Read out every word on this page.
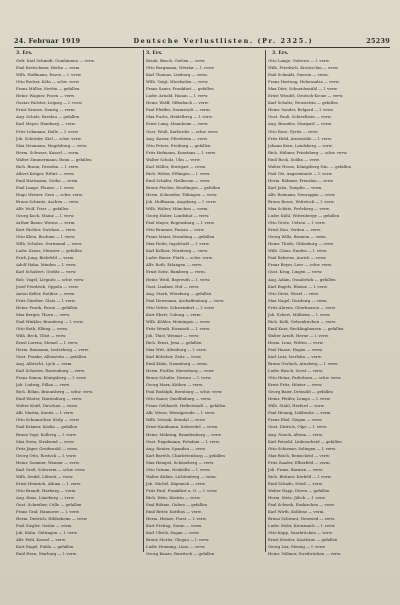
24. Februar 1919	Deutsche Verlustlisten. (Pr. 2325.)	25239
3. Ers.
Gefr. Karl Schmidt, Gumbinnen — verw.
Paul Kretschmer, Berlin — verm.
Wilh. Hoffmann, Essen — l. verw.
Otto Becker, Köln — schw. verw.
Franz Müller, Stettin — gefallen
Heinr. Wagner, Posen — verw.
Gustav Richter, Leipzig — l. verw.
Ernst Krause, Danzig — verm.
Aug. Schulz, Breslau — gefallen
Karl Meyer, Hamburg — verw.
Fritz Lehmann, Halle — l. verw.
Joh. Schröder, Kiel — schw. verw.
Max Neumann, Magdeburg — verw.
Herm. Schwarz, Kassel — verm.
Walter Zimmermann, Bonn — gefallen
Rich. Braun, Dresden — l. verw.
Albert Krüger, Erfurt — verw.
Emil Hartmann, Gotha — verm.
Paul Lange, Plauen — l. verw.
Hugo Werner, Gera — schw. verw.
Bruno Schmitz, Aachen — verw.
Alfr. Wolf, Trier — gefallen
Georg Koch, Mainz — l. verw.
Arthur Bauer, Worms — verm.
Kurt Richter, Zwickau — verw.
Otto Klein, Bochum — l. verw.
Wilh. Schulze, Dortmund — verw.
Ludw. Kraus, Münster — gefallen
Erich Jung, Bielefeld — verm.
Adolf Hahn, Minden — l. verw.
Karl Schubert, Görlitz — verw.
Rob. Vogel, Liegnitz — schw. verw.
Josef Friedrich, Oppeln — verw.
Anton Keller, Ratibor — verm.
Fritz Günther, Glatz — l. verw.
Heinr. Frank, Posen — gefallen
Max Berger, Thorn — verw.
Paul Winkler, Bromberg — l. verw.
Otto Roth, Elbing — verm.
Wilh. Beck, Tilsit — verw.
Ernst Lorenz, Memel — l. verw.
Herm. Baumann, Insterburg — verw.
Gust. Franke, Allenstein — gefallen
Aug. Albrecht, Lyck — verm.
Karl Schuster, Rastenburg — verw.
Franz Simon, Königsberg — l. verw.
Joh. Ludwig, Pillau — verw.
Rich. Böhm, Braunsberg — schw. verw.
Emil Winter, Marienburg — verw.
Walter Kraft, Dirschau — verm.
Alb. Martin, Konitz — l. verw.
Otto Schumacher, Stolp — verw.
Paul Krämer, Köslin — gefallen
Bruno Vogt, Kolberg — l. verw.
Max Stein, Stralsund — verw.
Fritz Jäger, Greifswald — verm.
Georg Otto, Rostock — l. verw.
Heinr. Sommer, Wismar — verw.
Karl Groß, Schwerin — schw. verw.
Wilh. Seidel, Lübeck — verw.
Ernst Heinrich, Altona — l. verw.
Otto Brandt, Harburg — verm.
Aug. Haas, Lüneburg — verw.
Gust. Schreiber, Celle — gefallen
Franz Graf, Hannover — l. verw.
Herm. Dietrich, Hildesheim — verw.
Paul Ziegler, Goslar — verm.
Joh. Kuhn, Göttingen — l. verw.
Alfr. Pohl, Kassel — verw.
Kurt Engel, Fulda — gefallen
Emil Horn, Marburg — l. verw.
3. Ers.
Reinh. Busch, Gießen — verw.
Otto Bergmann, Wetzlar — l. verw.
Karl Thomas, Limburg — verm.
Wilh. Voigt, Wiesbaden — verw.
Franz Sauer, Frankfurt — gefallen
Ludw. Arnold, Hanau — l. verw.
Heinr. Wolff, Offenbach — verw.
Paul Pfeiffer, Darmstadt — verm.
Max Fuchs, Heidelberg — l. verw.
Ernst Lang, Mannheim — verw.
Gust. Weiß, Karlsruhe — schw. verw.
Aug. Kaiser, Pforzheim — verw.
Otto Peters, Freiburg — gefallen
Fritz Hofmann, Konstanz — l. verw.
Walter Scholz, Ulm — verw.
Karl Möller, Stuttgart — verm.
Rich. Weber, Eßlingen — l. verw.
Emil Schäfer, Heilbronn — verw.
Bruno Fischer, Reutlingen — gefallen
Herm. Schneider, Tübingen — verw.
Joh. Hoffmann, Augsburg — l. verw.
Wilh. Walter, München — verm.
Georg Huber, Landshut — verw.
Paul Mayer, Regensburg — l. verw.
Otto Brunner, Passau — verw.
Franz Maier, Straubing — gefallen
Max Hofer, Ingolstadt — l. verw.
Karl Kellner, Nürnberg — verw.
Ludw. Bauer, Fürth — schw. verw.
Alfr. Roth, Erlangen — verw.
Ernst Seitz, Bamberg — verm.
Heinr. Weiß, Bayreuth — l. verw.
Gust. Lindner, Hof — verw.
Aug. Stark, Würzburg — gefallen
Paul Herrmann, Aschaffenburg — verw.
Otto Vetter, Schweinfurt — l. verw.
Kurt Ebert, Coburg — verm.
Wilh. Köhler, Meiningen — verw.
Fritz Wendt, Eisenach — l. verw.
Joh. Thiel, Weimar — verw.
Rich. Ernst, Jena — gefallen
Max Witt, Altenburg — l. verw.
Karl Böttcher, Zeitz — verw.
Emil Kühn, Naumburg — verm.
Herm. Fiedler, Merseburg — verw.
Bruno Schulte, Dessau — l. verw.
Georg Marx, Köthen — verw.
Paul Rudolph, Bernburg — schw. verw.
Otto Sauer, Quedlinburg — verw.
Franz Gebhardt, Halberstadt — gefallen
Alb. Wiese, Wernigerode — l. verw.
Wilh. Nowak, Stendal — verw.
Ernst Kaufmann, Salzwedel — verm.
Heinr. Möhring, Brandenburg — verw.
Gust. Engelmann, Potsdam — l. verw.
Aug. Reuter, Spandau — verw.
Karl Bartels, Charlottenburg — gefallen
Max Hempel, Schöneberg — verw.
Otto Grimm, Neukölln — l. verw.
Walter Kühne, Lichtenberg — verm.
Joh. Michel, Köpenick — verw.
Fritz Paul, Frankfurt a. O. — l. verw.
Rich. Hein, Küstrin — verw.
Paul Böhme, Guben — gefallen
Emil Ritter, Kottbus — verw.
Herm. Heinze, Forst — l. verw.
Kurt Freitag, Sorau — verm.
Karl Ulrich, Sagan — verw.
Bruno Moritz, Glogau — l. verw.
Ludw. Henning, Lissa — verw.
Georg Kunze, Rawitsch — gefallen
3. Ers.
Otto Lange, Ostrowo — l. verw.
Wilh. Friedrich, Krotoschin — verw.
Paul Schmidt, Gnesen — verm.
Franz Hartung, Hohensalza — verw.
Max Dörr, Schneidemühl — l. verw.
Ernst Wendel, Deutsch-Krone — verw.
Karl Schultz, Neustettin — gefallen
Heinr. Sander, Belgard — l. verw.
Gust. Pauli, Schivelbein — verw.
Aug. Brandes, Stargard — verm.
Otto Rose, Pyritz — verw.
Fritz Held, Arnswalde — l. verw.
Johann Kern, Landsberg — verw.
Rich. Hübner, Friedeberg — schw. verw.
Emil Bock, Soldin — verw.
Walter Hesse, Königsberg Nm. — gefallen
Paul Ott, Angermünde — l. verw.
Herm. Böhmer, Prenzlau — verw.
Karl Jahn, Templin — verm.
Alfr. Reimann, Neuruppin — verw.
Bruno Busse, Wittstock — l. verw.
Max Schütz, Perleberg — verw.
Ludw. Kühl, Wittenberge — gefallen
Otto Grote, Uelzen — l. verw.
Ernst Rau, Verden — verw.
Georg Wille, Bremen — verm.
Heinr. Thiele, Oldenburg — verw.
Wilh. Claus, Emden — l. verw.
Paul Behrens, Aurich — verw.
Franz Beyer, Leer — schw. verw.
Gust. Krug, Lingen — verw.
Aug. Adam, Osnabrück — gefallen
Karl Engels, Rheine — l. verw.
Otto Dietz, Wesel — verw.
Max Nagel, Duisburg — verm.
Fritz Ahrens, Oberhausen — verw.
Joh. Eckert, Mülheim — l. verw.
Rich. Kolb, Gelsenkirchen — verw.
Emil Kurz, Recklinghausen — gefallen
Walter Arndt, Herne — l. verw.
Herm. Lenz, Witten — verw.
Paul Haase, Hagen — verm.
Karl Lutz, Iserlohn — verw.
Bruno Gerlach, Arnsberg — l. verw.
Ludw. Busch, Soest — verw.
Otto Heinz, Paderborn — schw. verw.
Ernst Fritz, Höxter — verw.
Georg Baier, Detmold — gefallen
Heinr. Pfeifer, Lemgo — l. verw.
Wilh. Stahl, Herford — verw.
Paul Hennig, Lübbecke — verm.
Franz Ebel, Siegen — verw.
Gust. Dittrich, Olpe — l. verw.
Aug. Noack, Altena — verw.
Karl Petzold, Lüdenscheid — gefallen
Otto Schirmer, Solingen — l. verw.
Max Reich, Remscheid — verw.
Fritz Zander, Elberfeld — verm.
Joh. Franz, Barmen — verw.
Rich. Büttner, Krefeld — l. verw.
Emil Schade, Neuß — verw.
Walter Rapp, Düren — gefallen
Herm. Metz, Jülich — l. verw.
Paul Schwab, Euskirchen — verw.
Karl Wirth, Koblenz — verm.
Bruno Schwarz, Neuwied — verw.
Ludw. Mohr, Kreuznach — l. verw.
Otto Kopp, Saarbrücken — verw.
Ernst Kessler, Saarlouis — gefallen
Georg Lux, Merzig — l. verw.
Heinr. Vollmer, Zweibrücken — verw.
